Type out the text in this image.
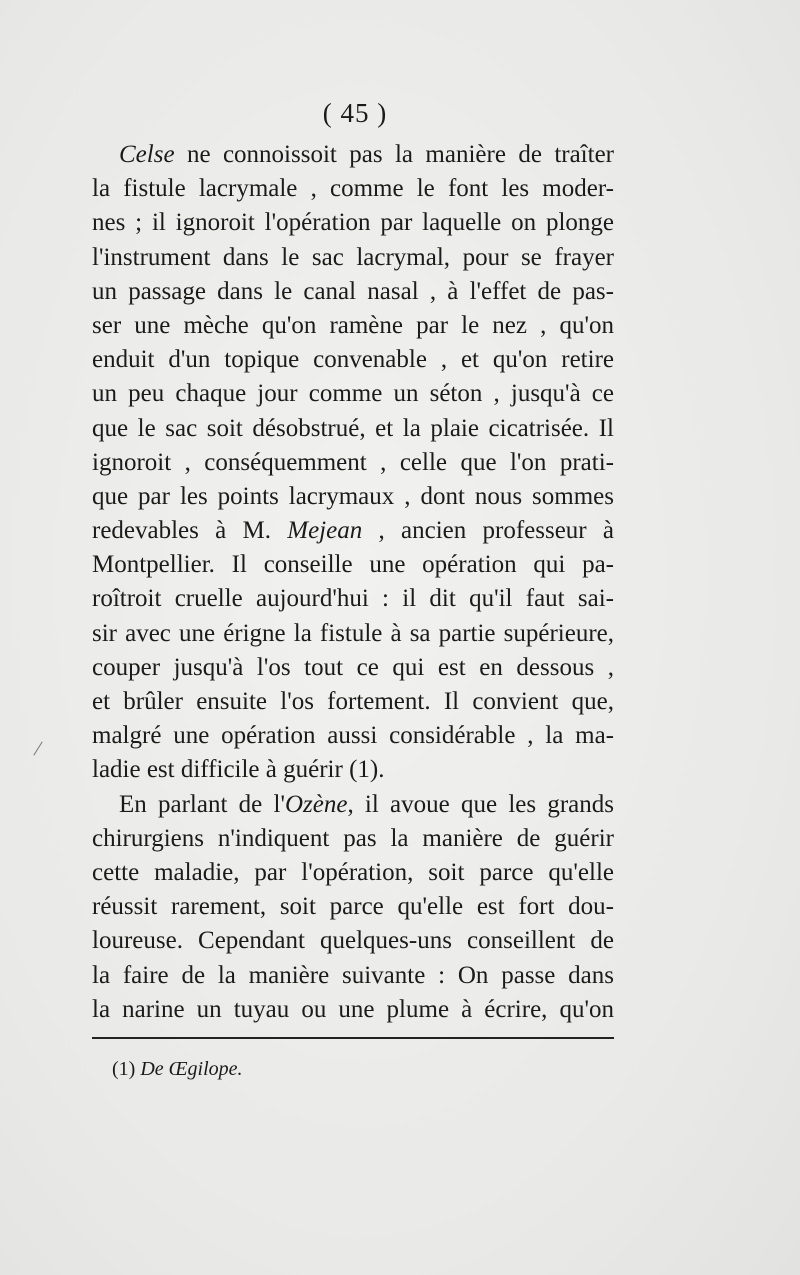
( 45 )
Celse ne connoissoit pas la manière de traîter
la fistule lacrymale , comme le font les moder-
nes ; il ignoroit l'opération par laquelle on plonge
l'instrument dans le sac lacrymal, pour se frayer
un passage dans le canal nasal , à l'effet de pas-
ser une mèche qu'on ramène par le nez , qu'on
enduit d'un topique convenable , et qu'on retire
un peu chaque jour comme un séton , jusqu'à ce
que le sac soit désobstrué, et la plaie cicatrisée. Il
ignoroit , conséquemment , celle que l'on prati-
que par les points lacrymaux , dont nous sommes
redevables à M. Mejean , ancien professeur à
Montpellier. Il conseille une opération qui pa-
roîtroit cruelle aujourd'hui : il dit qu'il faut sai-
sir avec une érigne la fistule à sa partie supérieure,
couper jusqu'à l'os tout ce qui est en dessous ,
et brûler ensuite l'os fortement. Il convient que,
malgré une opération aussi considérable , la ma-
ladie est difficile à guérir (1).
En parlant de l'Ozène, il avoue que les grands
chirurgiens n'indiquent pas la manière de guérir
cette maladie, par l'opération, soit parce qu'elle
réussit rarement, soit parce qu'elle est fort dou-
loureuse. Cependant quelques-uns conseillent de
la faire de la manière suivante : On passe dans
la narine un tuyau ou une plume à écrire, qu'on
(1) De Œgilope.
